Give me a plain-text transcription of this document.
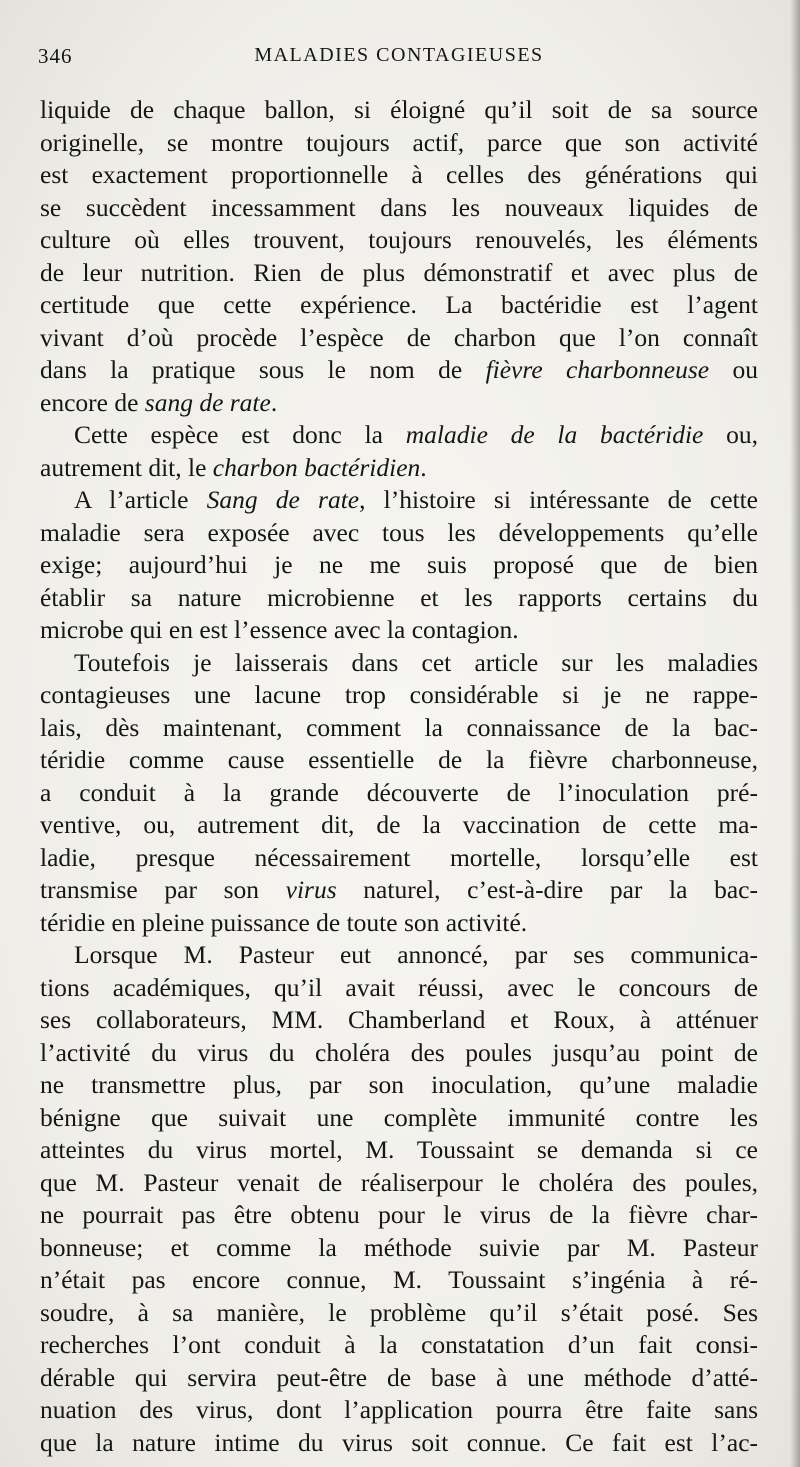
346	MALADIES CONTAGIEUSES
liquide de chaque ballon, si éloigné qu’il soit de sa source
originelle, se montre toujours actif, parce que son activité
est exactement proportionnelle à celles des générations qui
se succèdent incessamment dans les nouveaux liquides de
culture où elles trouvent, toujours renouvelés, les éléments
de leur nutrition. Rien de plus démonstratif et avec plus de
certitude que cette expérience. La bactéridie est l’agent
vivant d’où procède l’espèce de charbon que l’on connaît
dans la pratique sous le nom de fièvre charbonneuse ou
encore de sang de rate.
Cette espèce est donc la maladie de la bactéridie ou,
autrement dit, le charbon bactéridien.
A l’article Sang de rate, l’histoire si intéressante de cette
maladie sera exposée avec tous les développements qu’elle
exige; aujourd’hui je ne me suis proposé que de bien
établir sa nature microbienne et les rapports certains du
microbe qui en est l’essence avec la contagion.
Toutefois je laisserais dans cet article sur les maladies
contagieuses une lacune trop considérable si je ne rappe-
lais, dès maintenant, comment la connaissance de la bac-
téridie comme cause essentielle de la fièvre charbonneuse,
a conduit à la grande découverte de l’inoculation pré-
ventive, ou, autrement dit, de la vaccination de cette ma-
ladie, presque nécessairement mortelle, lorsqu’elle est
transmise par son virus naturel, c’est-à-dire par la bac-
téridie en pleine puissance de toute son activité.
Lorsque M. Pasteur eut annoncé, par ses communica-
tions académiques, qu’il avait réussi, avec le concours de
ses collaborateurs, MM. Chamberland et Roux, à atténuer
l’activité du virus du choléra des poules jusqu’au point de
ne transmettre plus, par son inoculation, qu’une maladie
bénigne que suivait une complète immunité contre les
atteintes du virus mortel, M. Toussaint se demanda si ce
que M. Pasteur venait de réaliserpour le choléra des poules,
ne pourrait pas être obtenu pour le virus de la fièvre char-
bonneuse; et comme la méthode suivie par M. Pasteur
n’était pas encore connue, M. Toussaint s’ingénia à ré-
soudre, à sa manière, le problème qu’il s’était posé. Ses
recherches l’ont conduit à la constatation d’un fait consi-
dérable qui servira peut-être de base à une méthode d’atté-
nuation des virus, dont l’application pourra être faite sans
que la nature intime du virus soit connue. Ce fait est l’ac-
